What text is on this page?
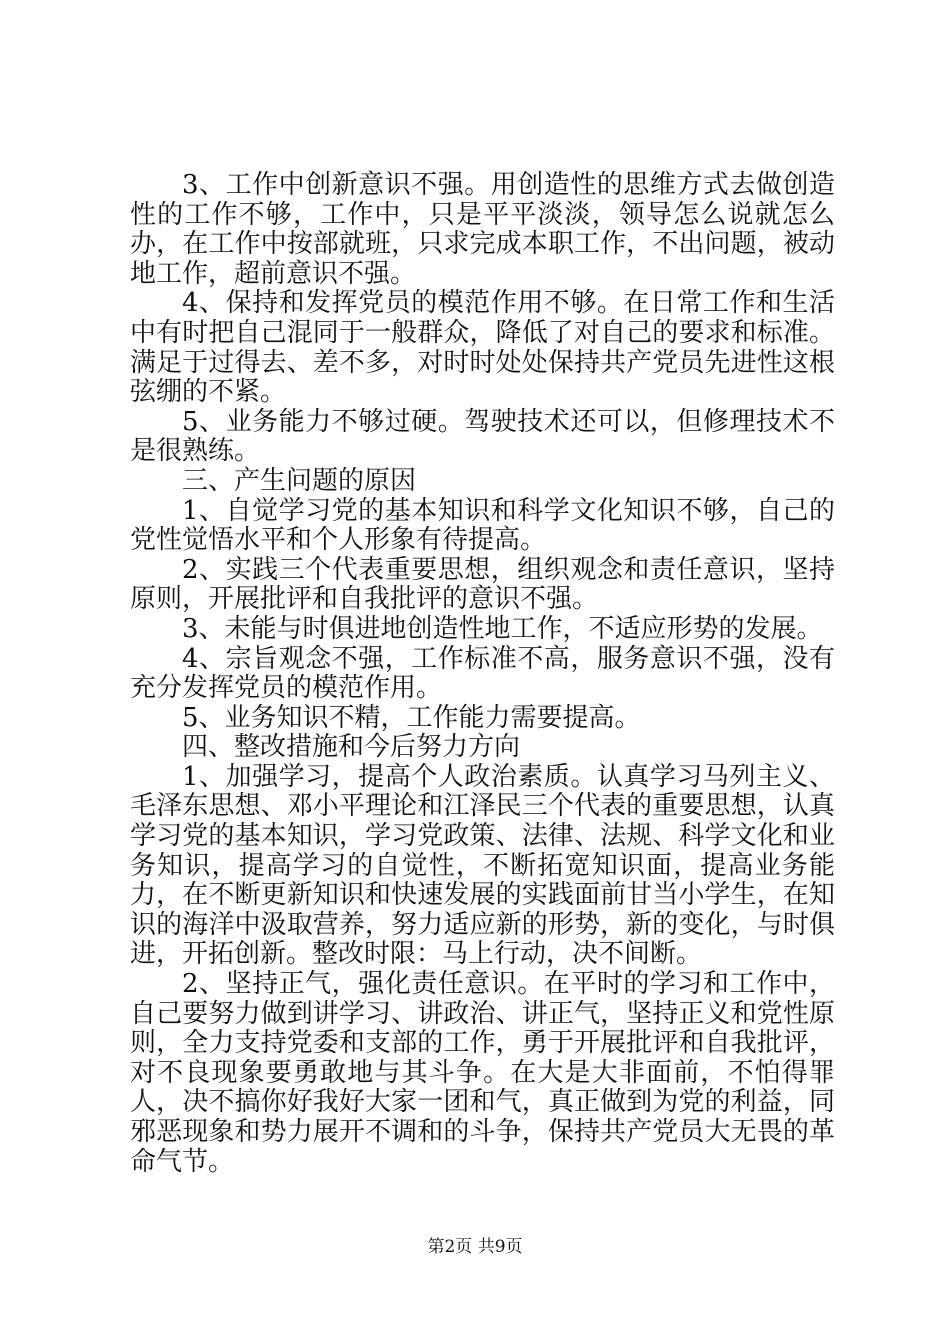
3、工作中创新意识不强。用创造性的思维方式去做创造性的工作不够，工作中，只是平平淡淡，领导怎么说就怎么办，在工作中按部就班，只求完成本职工作，不出问题，被动地工作，超前意识不强。

4、保持和发挥党员的模范作用不够。在日常工作和生活中有时把自己混同于一般群众，降低了对自己的要求和标准。满足于过得去、差不多，对时时处处保持共产党员先进性这根弦绷的不紧。

5、业务能力不够过硬。驾驶技术还可以，但修理技术不是很熟练。

三、产生问题的原因

1、自觉学习党的基本知识和科学文化知识不够，自己的党性觉悟水平和个人形象有待提高。

2、实践三个代表重要思想，组织观念和责任意识，坚持原则，开展批评和自我批评的意识不强。

3、未能与时俱进地创造性地工作，不适应形势的发展。

4、宗旨观念不强，工作标准不高，服务意识不强，没有充分发挥党员的模范作用。

5、业务知识不精，工作能力需要提高。

四、整改措施和今后努力方向

1、加强学习，提高个人政治素质。认真学习马列主义、毛泽东思想、邓小平理论和江泽民三个代表的重要思想，认真学习党的基本知识，学习党政策、法律、法规、科学文化和业务知识，提高学习的自觉性，不断拓宽知识面，提高业务能力，在不断更新知识和快速发展的实践面前甘当小学生，在知识的海洋中汲取营养，努力适应新的形势，新的变化，与时俱进，开拓创新。整改时限：马上行动，决不间断。

2、坚持正气，强化责任意识。在平时的学习和工作中，自己要努力做到讲学习、讲政治、讲正气，坚持正义和党性原则，全力支持党委和支部的工作，勇于开展批评和自我批评，对不良现象要勇敢地与其斗争。在大是大非面前，不怕得罪人，决不搞你好我好大家一团和气，真正做到为党的利益，同邪恶现象和势力展开不调和的斗争，保持共产党员大无畏的革命气节。

第2页 共9页
